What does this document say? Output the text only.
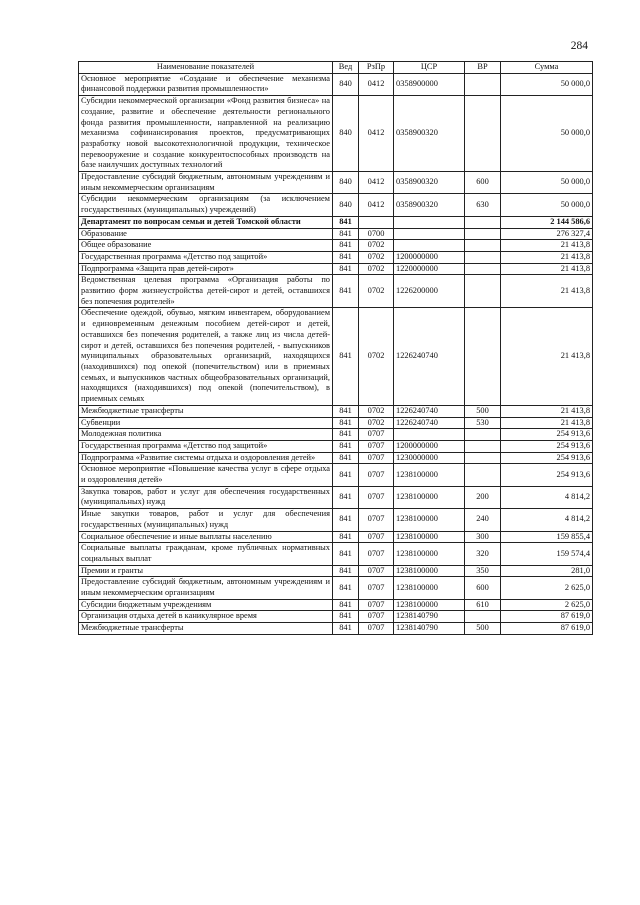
284
Наименование показателей	Вед	РзПр	ЦСР	ВР	Сумма
Основное мероприятие «Создание и обеспечение механизма финансовой поддержки развития промышленности»	840	0412	0358900000		50 000,0
Субсидии некоммерческой организации «Фонд развития бизнеса» на создание, развитие и обеспечение деятельности регионального фонда развития промышленности, направленной на реализацию механизма софинансирования проектов, предусматривающих разработку новой высокотехнологичной продукции, техническое перевооружение и создание конкурентоспособных производств на базе наилучших доступных технологий	840	0412	0358900320		50 000,0
Предоставление субсидий бюджетным, автономным учреждениям и иным некоммерческим организациям	840	0412	0358900320	600	50 000,0
Субсидии некоммерческим организациям (за исключением государственных (муниципальных) учреждений)	840	0412	0358900320	630	50 000,0
Департамент по вопросам семьи и детей Томской области	841				2 144 586,6
Образование	841	0700			276 327,4
Общее образование	841	0702			21 413,8
Государственная программа «Детство под защитой»	841	0702	1200000000		21 413,8
Подпрограмма «Защита прав детей-сирот»	841	0702	1220000000		21 413,8
Ведомственная целевая программа «Организация работы по развитию форм жизнеустройства детей-сирот и детей, оставшихся без попечения родителей»	841	0702	1226200000		21 413,8
Обеспечение одеждой, обувью, мягким инвентарем, оборудованием и единовременным денежным пособием детей-сирот и детей, оставшихся без попечения родителей, а также лиц из числа детей-сирот и детей, оставшихся без попечения родителей, - выпускников муниципальных образовательных организаций, находящихся (находившихся) под опекой (попечительством) или в приемных семьях, и выпускников частных общеобразовательных организаций, находящихся (находившихся) под опекой (попечительством), в приемных семьях	841	0702	1226240740		21 413,8
Межбюджетные трансферты	841	0702	1226240740	500	21 413,8
Субвенции	841	0702	1226240740	530	21 413,8
Молодежная политика	841	0707			254 913,6
Государственная программа «Детство под защитой»	841	0707	1200000000		254 913,6
Подпрограмма «Развитие системы отдыха и оздоровления детей»	841	0707	1230000000		254 913,6
Основное мероприятие «Повышение качества услуг в сфере отдыха и оздоровления детей»	841	0707	1238100000		254 913,6
Закупка товаров, работ и услуг для обеспечения государственных (муниципальных) нужд	841	0707	1238100000	200	4 814,2
Иные закупки товаров, работ и услуг для обеспечения государственных (муниципальных) нужд	841	0707	1238100000	240	4 814,2
Социальное обеспечение и иные выплаты населению	841	0707	1238100000	300	159 855,4
Социальные выплаты гражданам, кроме публичных нормативных социальных выплат	841	0707	1238100000	320	159 574,4
Премии и гранты	841	0707	1238100000	350	281,0
Предоставление субсидий бюджетным, автономным учреждениям и иным некоммерческим организациям	841	0707	1238100000	600	2 625,0
Субсидии бюджетным учреждениям	841	0707	1238100000	610	2 625,0
Организация отдыха детей в каникулярное время	841	0707	1238140790		87 619,0
Межбюджетные трансферты	841	0707	1238140790	500	87 619,0
